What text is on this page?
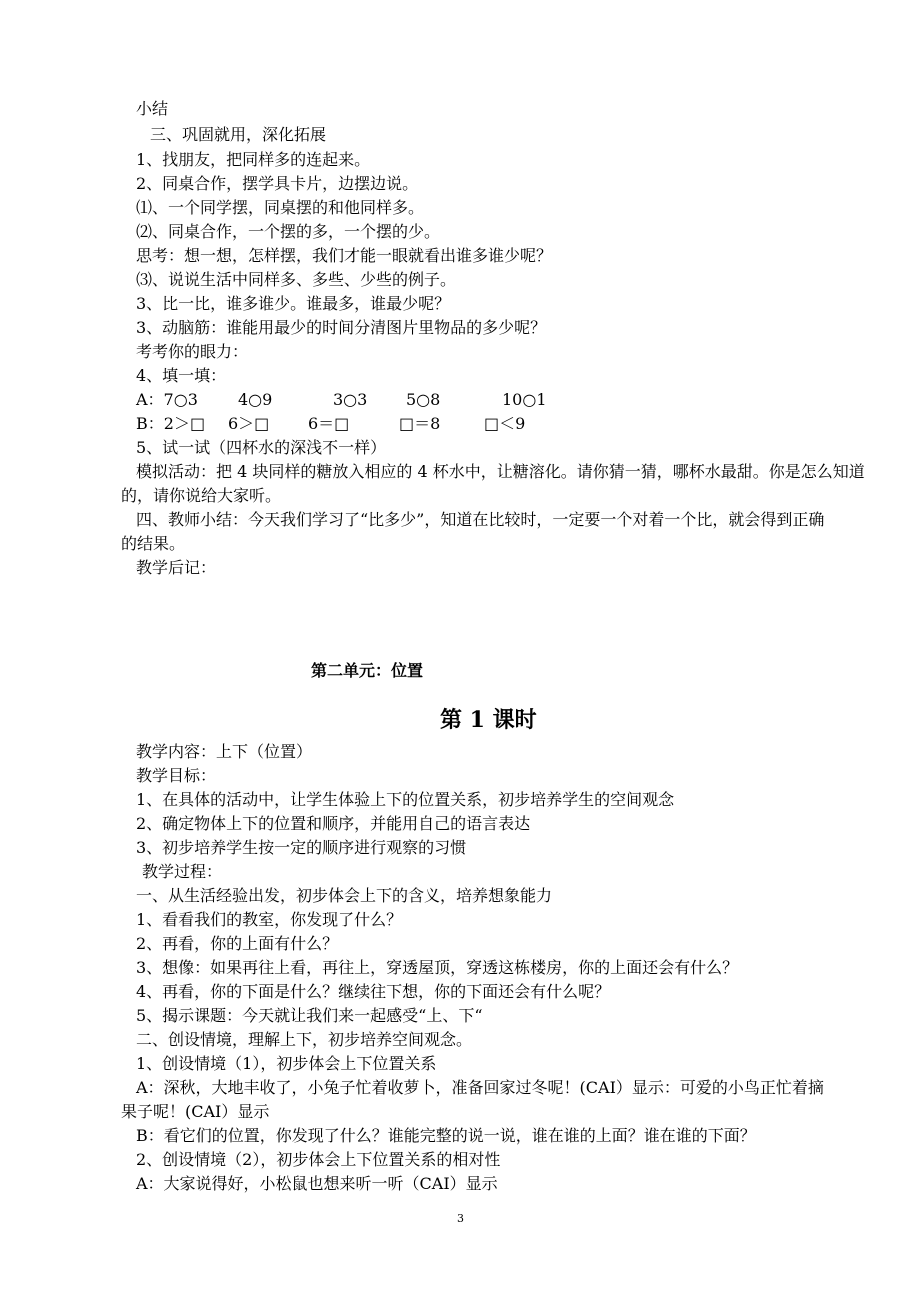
小结
三、巩固就用，深化拓展
1、找朋友，把同样多的连起来。
2、同桌合作，摆学具卡片，边摆边说。
⑴、一个同学摆，同桌摆的和他同样多。
⑵、同桌合作，一个摆的多，一个摆的少。
思考：想一想，怎样摆，我们才能一眼就看出谁多谁少呢？
⑶、说说生活中同样多、多些、少些的例子。
3、比一比，谁多谁少。谁最多，谁最少呢？
3、动脑筋：谁能用最少的时间分清图片里物品的多少呢？
考考你的眼力：
4、填一填：
A：7○3	4○9	3○3 5○8	10○1
B：2＞□ 6＞□ 6＝□	□＝8	□＜9
5、试一试（四杯水的深浅不一样）
模拟活动：把 4 块同样的糖放入相应的 4 杯水中，让糖溶化。请你猜一猜，哪杯水最甜。你是怎么知道的，请你说给大家听。
四、教师小结：今天我们学习了“比多少”，知道在比较时，一定要一个对着一个比，就会得到正确的结果。
教学后记：
第二单元：位置
第 1 课时
教学内容：上下（位置）
教学目标：
1、在具体的活动中，让学生体验上下的位置关系，初步培养学生的空间观念
2、确定物体上下的位置和顺序，并能用自己的语言表达
3、初步培养学生按一定的顺序进行观察的习惯
教学过程：
一、从生活经验出发，初步体会上下的含义，培养想象能力
1、看看我们的教室，你发现了什么？
2、再看，你的上面有什么？
3、想像：如果再往上看，再往上，穿透屋顶，穿透这栋楼房，你的上面还会有什么？
4、再看，你的下面是什么？继续往下想，你的下面还会有什么呢？
5、揭示课题：今天就让我们来一起感受“上、下“
二、创设情境，理解上下，初步培养空间观念。
1、创设情境（1），初步体会上下位置关系
A：深秋，大地丰收了，小兔子忙着收萝卜，准备回家过冬呢！(CAI）显示：可爱的小鸟正忙着摘果子呢！(CAI）显示
B：看它们的位置，你发现了什么？谁能完整的说一说，谁在谁的上面？谁在谁的下面？
2、创设情境（2），初步体会上下位置关系的相对性
A：大家说得好，小松鼠也想来听一听（CAI）显示
3
